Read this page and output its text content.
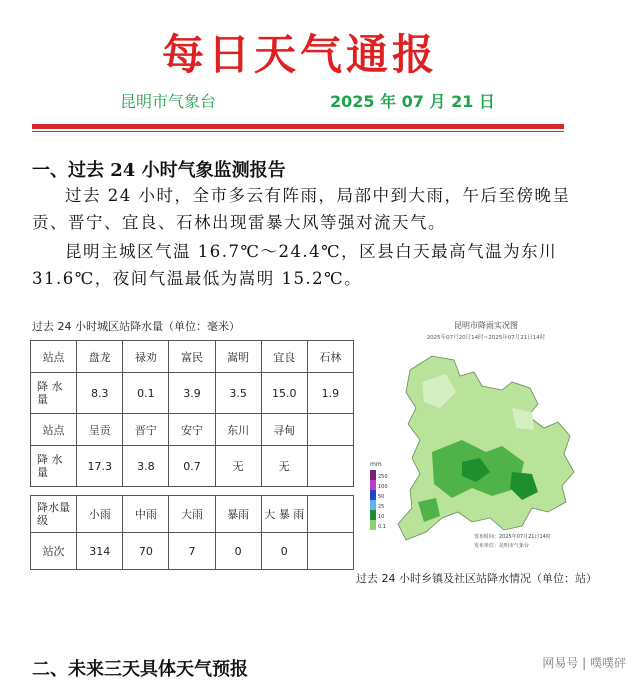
每日天气通报
昆明市气象台	2025 年 07 月 21 日
一、过去 24 小时气象监测报告
过去 24 小时，全市多云有阵雨，局部中到大雨，午后至傍晚呈贡、晋宁、宜良、石林出现雷暴大风等强对流天气。
昆明主城区气温 16.7℃～24.4℃，区县白天最高气温为东川 31.6℃，夜间气温最低为嵩明 15.2℃。
过去 24 小时城区站降水量（单位：毫米）
站点	盘龙	禄劝	富民	嵩明	宜良	石林
降 水 量	8.3	0.1	3.9	3.5	15.0	1.9
站点	呈贡	晋宁	安宁	东川	寻甸	
降 水 量	17.3	3.8	0.7	无	无	
降水量级	小雨	中雨	大雨	暴雨	大 暴 雨	
站次	314	70	7	0	0	
昆明市降雨实况图
2025年07月20日14时~2025年07月21日14时
mm
250
100
50
25
10
0.1
发布时间：2025年07月21日14时
发布单位：昆明市气象台
过去 24 小时乡镇及社区站降水情况（单位：站）
二、未来三天具体天气预报	网易号 | 噗噗砰
